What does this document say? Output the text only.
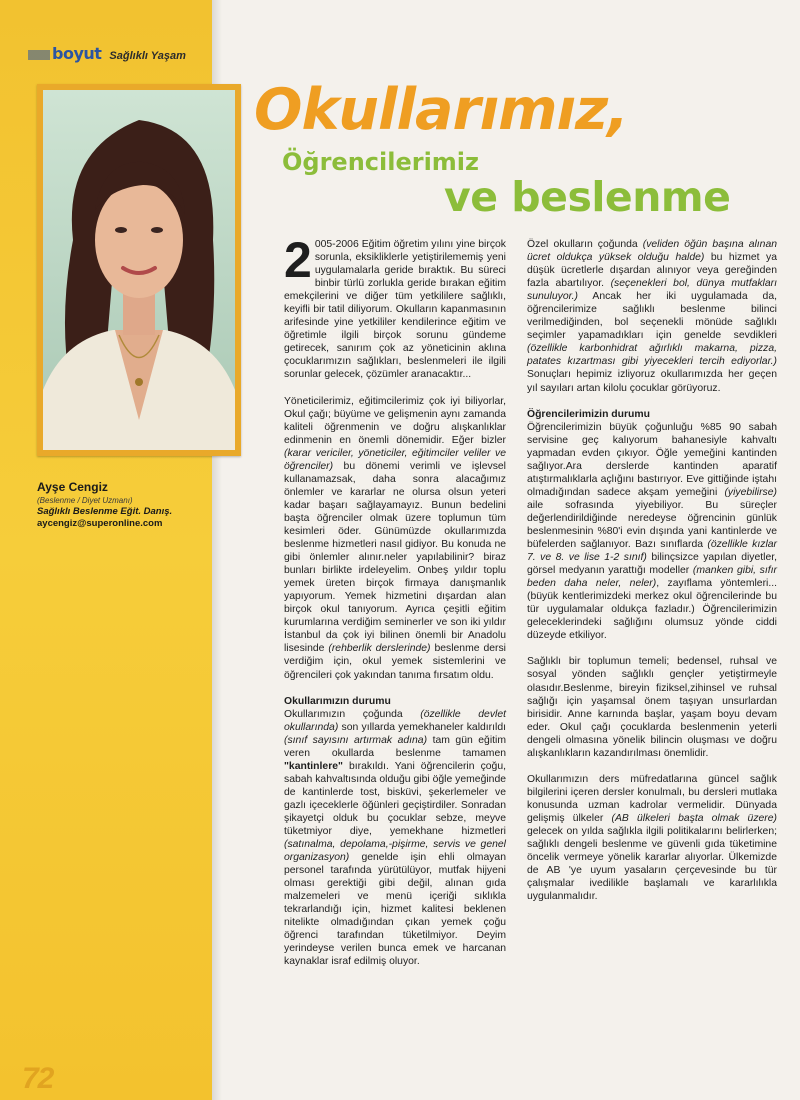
boyut Sağlıklı Yaşam
Ayşe Cengiz
(Beslenme / Diyet Uzmanı)
Sağlıklı Beslenme Eğit. Danış.
aycengiz@superonline.com
72
Okullarımız,
Öğrencilerimiz
ve beslenme

2 005-2006 Eğitim öğretim yılını yine birçok sorunla, eksikliklerle yetiştirilememiş yeni uygulamalarla geride bıraktık. Bu süreci binbir türlü zorlukla geride bırakan eğitim emekçilerini ve diğer tüm yetkililere sağlıklı, keyifli bir tatil diliyorum. Okulların kapanmasının arifesinde yine yetkililer kendilerince eğitim ve öğretimle ilgili birçok sorunu gündeme getirecek, sanırım çok az yöneticinin aklına çocuklarımızın sağlıkları, beslenmeleri ile ilgili sorunlar gelecek, çözümler aranacaktır...

Yöneticilerimiz, eğitimcilerimiz çok iyi biliyorlar, Okul çağı; büyüme ve gelişmenin aynı zamanda kaliteli öğrenmenin ve doğru alışkanlıklar edinmenin en önemli dönemidir. Eğer bizler (karar vericiler, yöneticiler, eğitimciler veliler ve öğrenciler) bu dönemi verimli ve işlevsel kullanamazsak, daha sonra alacağımız önlemler ve kararlar ne olursa olsun yeteri kadar başarı sağlayamayız. Bunun bedelini başta öğrenciler olmak üzere toplumun tüm kesimleri öder. Günümüzde okullarımızda beslenme hizmetleri nasıl gidiyor. Bu konuda ne gibi önlemler alınır.neler yapılabilinir? biraz bunları birlikte irdeleyelim. Onbeş yıldır toplu yemek üreten birçok firmaya danışmanlık yapıyorum. Yemek hizmetini dışardan alan birçok okul tanıyorum. Ayrıca çeşitli eğitim kurumlarına verdiğim seminerler ve son iki yıldır İstanbul da çok iyi bilinen önemli bir Anadolu lisesinde (rehberlik derslerinde) beslenme dersi verdiğim için, okul yemek sistemlerini ve öğrencileri çok yakından tanıma fırsatım oldu.

Okullarımızın durumu

Okullarımızın çoğunda (özellikle devlet okullarında) son yıllarda yemekhaneler kaldırıldı (sınıf sayısını artırmak adına) tam gün eğitim veren okullarda beslenme tamamen "kantinlere" bırakıldı. Yani öğrencilerin çoğu, sabah kahvaltısında olduğu gibi öğle yemeğinde de kantinlerde tost, bisküvi, şekerlemeler ve gazlı içeceklerle öğünleri geçiştirdiler. Sonradan şikayetçi olduk bu çocuklar sebze, meyve tüketmiyor diye, yemekhane hizmetleri (satınalma, depolama,-pişirme, servis ve genel organizasyon) genelde işin ehli olmayan personel tarafında yürütülüyor, mutfak hijyeni olması gerektiği gibi değil, alınan gıda malzemeleri ve menü içeriği sıklıkla tekrarlandığı için, hizmet kalitesi beklenen nitelikte olmadığından çıkan yemek çoğu öğrenci tarafından tüketilmiyor. Deyim yerindeyse verilen bunca emek ve harcanan kaynaklar israf edilmiş oluyor.

Özel okulların çoğunda (veliden öğün başına alınan ücret oldukça yüksek olduğu halde) bu hizmet ya düşük ücretlerle dışardan alınıyor veya gereğinden fazla abartılıyor. (seçenekleri bol, dünya mutfakları sunuluyor.) Ancak her iki uygulamada da, öğrencilerimize sağlıklı beslenme bilinci verilmediğinden, bol seçenekli mönüde sağlıklı seçimler yapamadıkları için genelde sevdikleri (özellikle karbonhidrat ağırlıklı makarna, pizza, patates kızartması gibi yiyecekleri tercih ediyorlar.) Sonuçları hepimiz izliyoruz okullarımızda her geçen yıl sayıları artan kilolu çocuklar görüyoruz.

Öğrencilerimizin durumu

Öğrencilerimizin büyük çoğunluğu %85 90 sabah servisine geç kalıyorum bahanesiyle kahvaltı yapmadan evden çıkıyor. Öğle yemeğini kantinden sağlıyor.Ara derslerde kantinden aparatif atıştırmalıklarla açlığını bastırıyor. Eve gittiğinde iştahı olmadığından sadece akşam yemeğini (yiyebilirse) aile sofrasında yiyebiliyor. Bu süreçler değerlendirildiğinde neredeyse öğrencinin günlük beslenmesinin %80'i evin dışında yani kantinlerde ve büfelerden sağlanıyor. Bazı sınıflarda (özellikle kızlar 7. ve 8. ve lise 1-2 sınıf) bilinçsizce yapılan diyetler, görsel medyanın yarattığı modeller (manken gibi, sıfır beden daha neler, neler), zayıflama yöntemleri... (büyük kentlerimizdeki merkez okul öğrencilerinde bu tür uygulamalar oldukça fazladır.) Öğrencilerimizin geleceklerindeki sağlığını olumsuz yönde ciddi düzeyde etkiliyor.

Sağlıklı bir toplumun temeli; bedensel, ruhsal ve sosyal yönden sağlıklı gençler yetiştirmeyle olasıdır.Beslenme, bireyin fiziksel,zihinsel ve ruhsal sağlığı için yaşamsal önem taşıyan unsurlardan birisidir. Anne karnında başlar, yaşam boyu devam eder. Okul çağı çocuklarda beslenmenin yeterli dengeli olmasına yönelik bilincin oluşması ve doğru alışkanlıkların kazandırılması önemlidir.

Okullarımızın ders müfredatlarına güncel sağlık bilgilerini içeren dersler konulmalı, bu dersleri mutlaka konusunda uzman kadrolar vermelidir. Dünyada gelişmiş ülkeler (AB ülkeleri başta olmak üzere) gelecek on yılda sağlıkla ilgili politikalarını belirlerken; sağlıklı dengeli beslenme ve güvenli gıda tüketimine öncelik vermeye yönelik kararlar alıyorlar. Ülkemizde de AB 'ye uyum yasaların çerçevesinde bu tür çalışmalar ivedilikle başlamalı ve kararlılıkla uygulanmalıdır.
